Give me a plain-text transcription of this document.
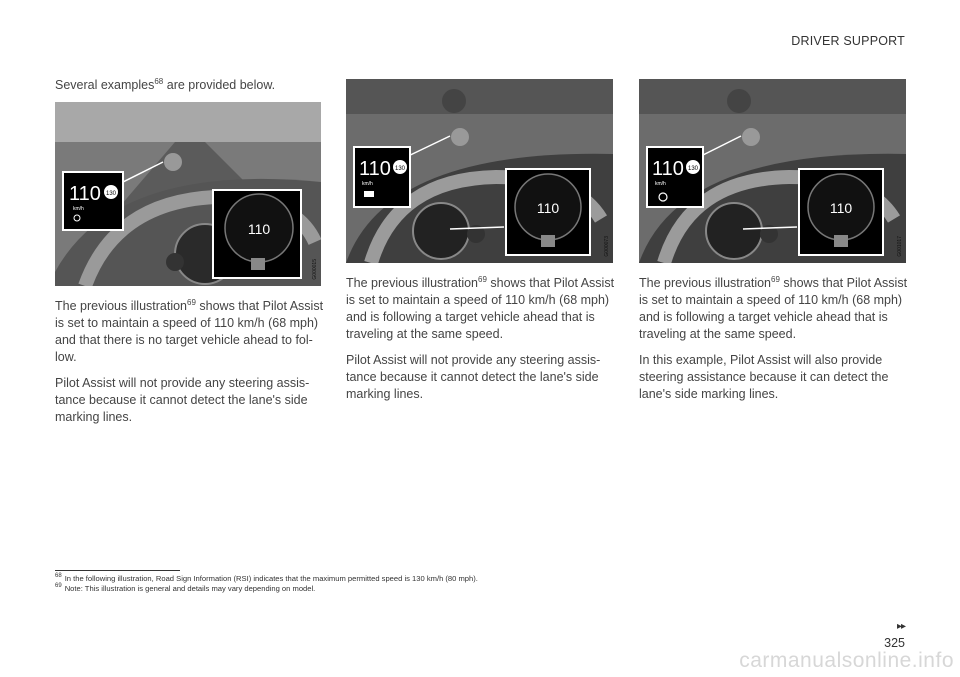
DRIVER SUPPORT
Several examples$^{68}$ are provided below.
110 130
km/h
110
G000015
110 130
km/h
110
G000073
110 130
km/h
110
G001017

The previous illustration$^{69}$ shows that Pilot Assist is set to maintain a speed of 110 km/h (68 mph) and that there is no target vehicle ahead to fol-low.

Pilot Assist will not provide any steering assis-tance because it cannot detect the lane's side marking lines.

The previous illustration$^{69}$ shows that Pilot Assist is set to maintain a speed of 110 km/h (68 mph) and is following a target vehicle ahead that is traveling at the same speed.

Pilot Assist will not provide any steering assis-tance because it cannot detect the lane's side marking lines.

The previous illustration$^{69}$ shows that Pilot Assist is set to maintain a speed of 110 km/h (68 mph) and is following a target vehicle ahead that is traveling at the same speed.

In this example, Pilot Assist will also provide steering assistance because it can detect the lane's side marking lines.

$^{68}$ In the following illustration, Road Sign Information (RSI) indicates that the maximum permitted speed is 130 km/h (80 mph).
$^{69}$ Note: This illustration is general and details may vary depending on model.
▸▸
325
carmanualsonline.info
